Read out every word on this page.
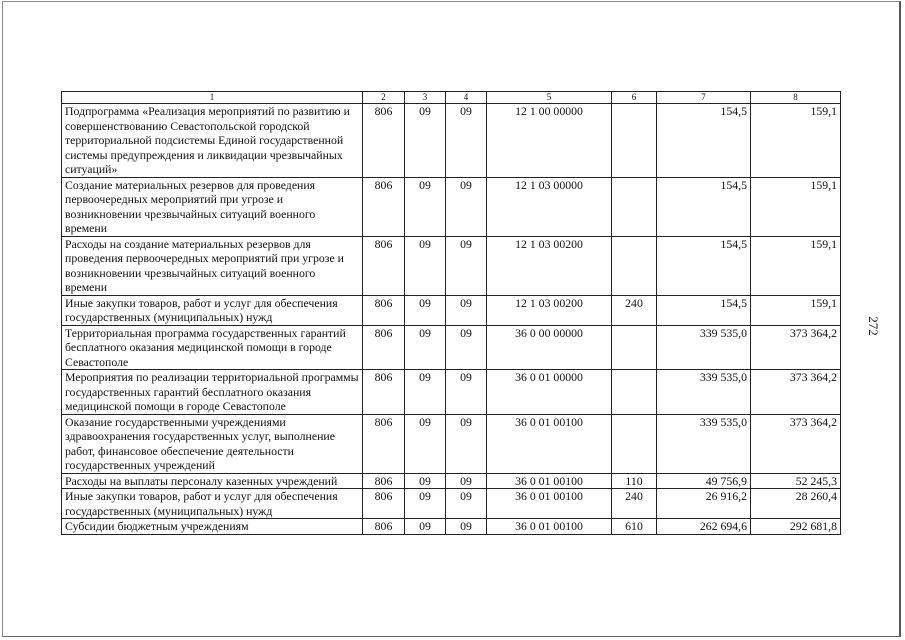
1	2	3	4	5	6	7	8
Подпрограмма «Реализация мероприятий по развитию и совершенствованию Севастопольской городской территориальной подсистемы Единой государственной системы предупреждения и ликвидации чрезвычайных ситуаций»	806	09	09	12 1 00 00000		154,5	159,1
Создание материальных резервов для проведения первоочередных мероприятий при угрозе и возникновении чрезвычайных ситуаций военного времени	806	09	09	12 1 03 00000		154,5	159,1
Расходы на создание материальных резервов для проведения первоочередных мероприятий при угрозе и возникновении чрезвычайных ситуаций военного времени	806	09	09	12 1 03 00200		154,5	159,1
Иные закупки товаров, работ и услуг для обеспечения государственных (муниципальных) нужд	806	09	09	12 1 03 00200	240	154,5	159,1
Территориальная программа государственных гарантий бесплатного оказания медицинской помощи в городе Севастополе	806	09	09	36 0 00 00000		339 535,0	373 364,2
Мероприятия по реализации территориальной программы государственных гарантий бесплатного оказания медицинской помощи в городе Севастополе	806	09	09	36 0 01 00000		339 535,0	373 364,2
Оказание государственными учреждениями здравоохранения государственных услуг, выполнение работ, финансовое обеспечение деятельности государственных учреждений	806	09	09	36 0 01 00100		339 535,0	373 364,2
Расходы на выплаты персоналу казенных учреждений	806	09	09	36 0 01 00100	110	49 756,9	52 245,3
Иные закупки товаров, работ и услуг для обеспечения государственных (муниципальных) нужд	806	09	09	36 0 01 00100	240	26 916,2	28 260,4
Субсидии бюджетным учреждениям	806	09	09	36 0 01 00100	610	262 694,6	292 681,8
272
